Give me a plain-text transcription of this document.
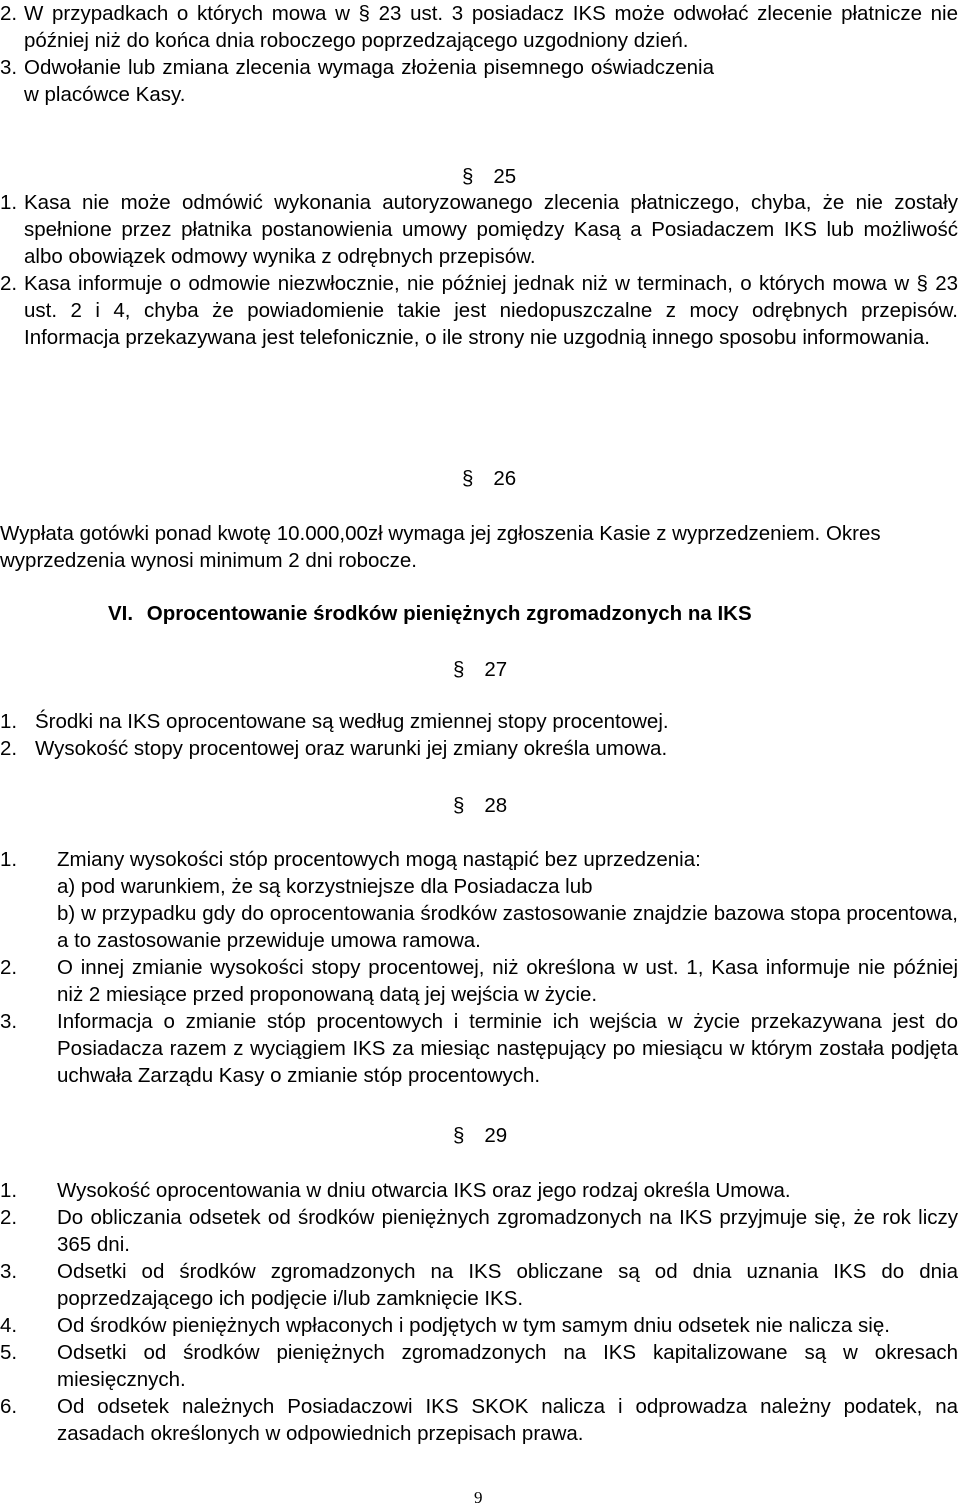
2. W przypadkach o których mowa w § 23 ust. 3 posiadacz IKS może odwołać zlecenie płatnicze nie później niż do końca dnia roboczego poprzedzającego uzgodniony dzień.
3. Odwołanie lub zmiana zlecenia wymaga złożenia pisemnego oświadczenia w placówce Kasy.
§ 25
1. Kasa nie może odmówić wykonania autoryzowanego zlecenia płatniczego, chyba, że nie zostały spełnione przez płatnika postanowienia umowy pomiędzy Kasą a Posiadaczem IKS lub możliwość albo obowiązek odmowy wynika z odrębnych przepisów.
2. Kasa informuje o odmowie niezwłocznie, nie później jednak niż w terminach, o których mowa w § 23 ust. 2 i 4, chyba że powiadomienie takie jest niedopuszczalne z mocy odrębnych przepisów. Informacja przekazywana jest telefonicznie, o ile strony nie uzgodnią innego sposobu informowania.
§ 26
Wypłata gotówki ponad kwotę 10.000,00zł wymaga jej zgłoszenia Kasie z wyprzedzeniem. Okres wyprzedzenia wynosi minimum 2 dni robocze.
VI. Oprocentowanie środków pieniężnych zgromadzonych na IKS
§ 27
1. Środki na IKS oprocentowane są według zmiennej stopy procentowej.
2. Wysokość stopy procentowej oraz warunki jej zmiany określa umowa.
§ 28
1. Zmiany wysokości stóp procentowych mogą nastąpić bez uprzedzenia:
a) pod warunkiem, że są korzystniejsze dla Posiadacza lub
b) w przypadku gdy do oprocentowania środków zastosowanie znajdzie bazowa stopa procentowa, a to zastosowanie przewiduje umowa ramowa.
2. O innej zmianie wysokości stopy procentowej, niż określona w ust. 1, Kasa informuje nie później niż 2 miesiące przed proponowaną datą jej wejścia w życie.
3. Informacja o zmianie stóp procentowych i terminie ich wejścia w życie przekazywana jest do Posiadacza razem z wyciągiem IKS za miesiąc następujący po miesiącu w którym została podjęta uchwała Zarządu Kasy o zmianie stóp procentowych.
§ 29
1. Wysokość oprocentowania w dniu otwarcia IKS oraz jego rodzaj określa Umowa.
2. Do obliczania odsetek od środków pieniężnych zgromadzonych na IKS przyjmuje się, że rok liczy 365 dni.
3. Odsetki od środków zgromadzonych na IKS obliczane są od dnia uznania IKS do dnia poprzedzającego ich podjęcie i/lub zamknięcie IKS.
4. Od środków pieniężnych wpłaconych i podjętych w tym samym dniu odsetek nie nalicza się.
5. Odsetki od środków pieniężnych zgromadzonych na IKS kapitalizowane są w okresach miesięcznych.
6. Od odsetek należnych Posiadaczowi IKS SKOK nalicza i odprowadza należny podatek, na zasadach określonych w odpowiednich przepisach prawa.
9
